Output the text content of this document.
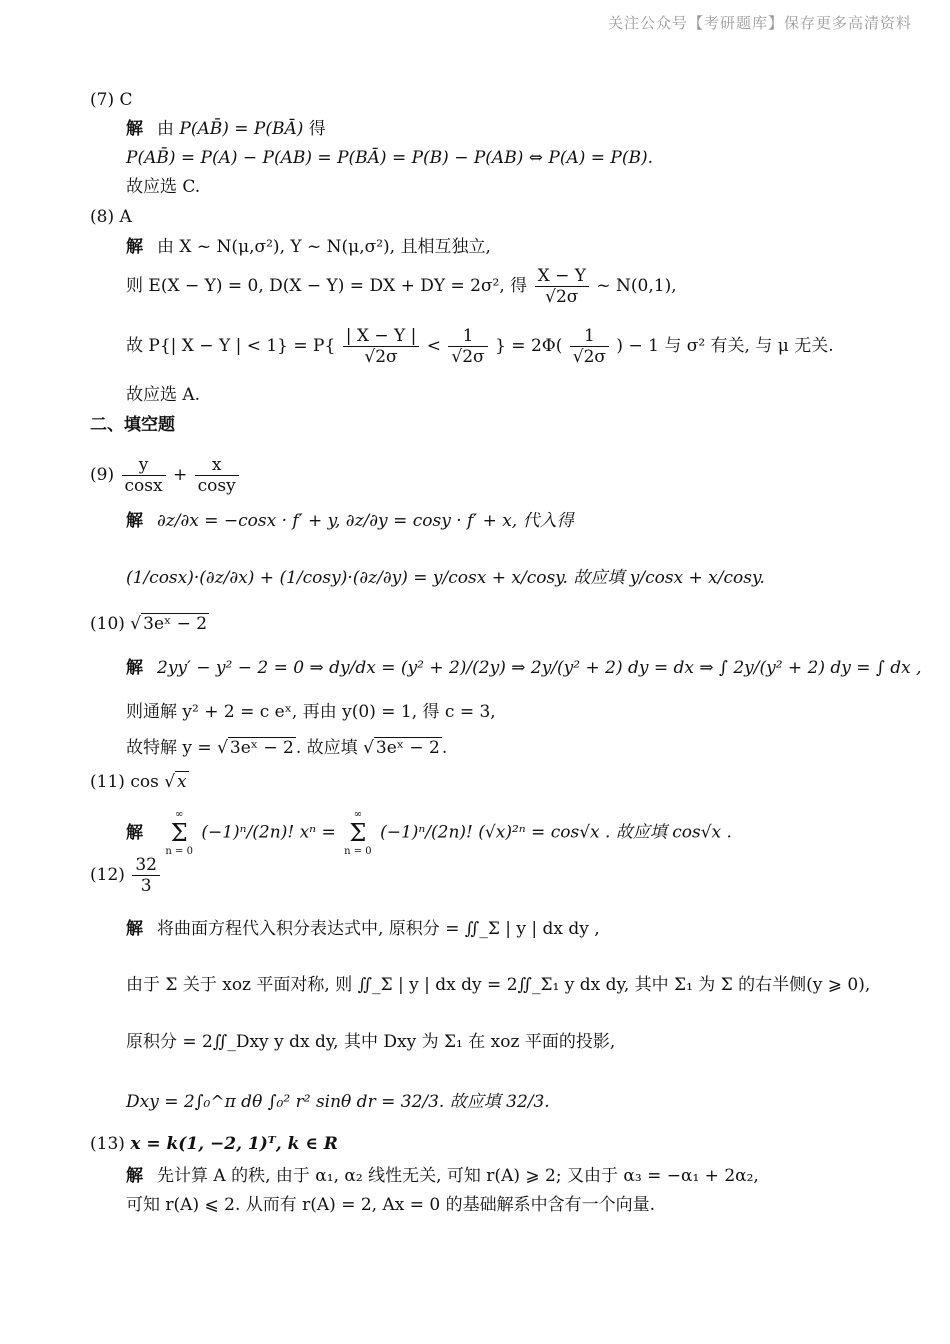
关注公众号【考研题库】保存更多高清资料
(7) C
解 由 P(AB̄) = P(BĀ) 得
P(AB̄) = P(A) − P(AB) = P(BĀ) = P(B) − P(AB) ⇔ P(A) = P(B).
故应选 C.
(8) A
解 由 X ~ N(μ,σ²), Y ~ N(μ,σ²), 且相互独立,
则 E(X − Y) = 0, D(X − Y) = DX + DY = 2σ², 得 $\frac{X - Y}{√2\sigma}$ ~ N(0,1),
故 P{| X − Y | < $1\} = P\{ \frac{| X - Y |}{√2\sigma} < \frac{1}{√2\sigma}$ } = $2\Phi( \frac{1}{√2\sigma}$ ) − 1 与 σ² 有关, 与 μ 无关.
故应选 A.
二、填空题
$(9) \frac{y}{\cos x} + \frac{x}{\cos y}$
解 ∂z/∂x = −cosx · f′ + y, ∂z/∂y = cosy · f′ + x, 代入得
(1/cosx)·(∂z/∂x) + (1/cosy)·(∂z/∂y) = y/cosx + x/cosy. 故应填 y/cosx + x/cosy.
(10) √ 3eˣ − 2
解 2yy′ − y² − 2 = 0 ⇒ dy/dx = (y² + 2)/(2y) ⇒ 2y/(y² + 2) dy = dx ⇒ ∫ 2y/(y² + 2) dy = ∫ dx ,
则通解 y² + 2 = c eˣ, 再由 y(0) = 1, 得 c = 3,
故特解 y = √ 3eˣ − 2 . 故应填 √ 3eˣ − 2 .
(11) cos √ x
解
∞
Σ
n = 0
(−1)ⁿ/(2n)! xⁿ =
∞
Σ
n = 0
(−1)ⁿ/(2n)! (√x)²ⁿ = cos√x . 故应填 cos√x .
$(12) \frac{32}{3}$
解 将曲面方程代入积分表达式中, 原积分 = ∬_Σ | y | dx dy ,
由于 Σ 关于 xoz 平面对称, 则 ∬_Σ | y | dx dy = 2∬_Σ₁ y dx dy, 其中 Σ₁ 为 Σ 的右半侧(y ⩾ 0),
原积分 = 2∬_Dxy y dx dy, 其中 Dxy 为 Σ₁ 在 xoz 平面的投影,
Dxy = 2∫₀^π dθ ∫₀² r² sinθ dr = 32/3. 故应填 32/3.
(13) x = k(1, −2, 1)ᵀ, k ∈ R
解 先计算 A 的秩, 由于 α₁, α₂ 线性无关, 可知 r(A) ⩾ 2; 又由于 α₃ = −α₁ + 2α₂,
可知 r(A) ⩽ 2. 从而有 r(A) = 2, Ax = 0 的基础解系中含有一个向量.
